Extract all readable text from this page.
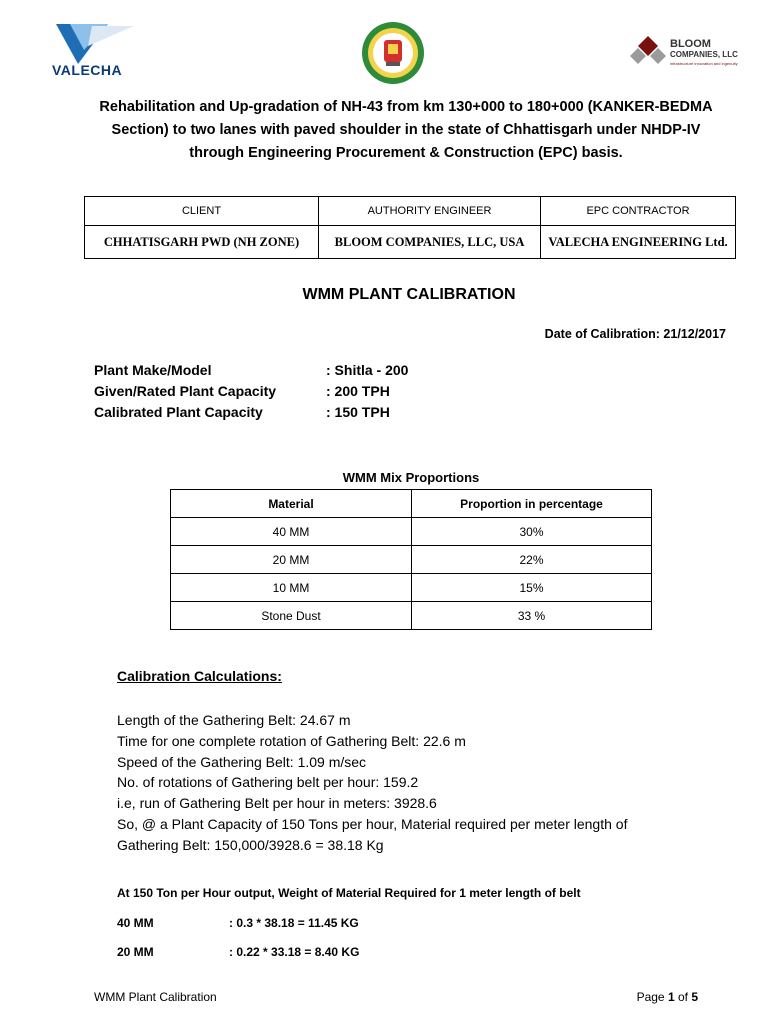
VALECHA
BLOOM
COMPANIES, LLC
infrastructure innovation and ingenuity
Rehabilitation and Up-gradation of NH-43 from km 130+000 to 180+000 (KANKER-BEDMA Section) to two lanes with paved shoulder in the state of Chhattisgarh under NHDP-IV through Engineering Procurement & Construction (EPC) basis.
CLIENT	AUTHORITY ENGINEER	EPC CONTRACTOR
CHHATISGARH PWD (NH ZONE)	BLOOM COMPANIES, LLC, USA	VALECHA ENGINEERING Ltd.
WMM PLANT CALIBRATION
Date of Calibration: 21/12/2017
Plant Make/Model	: Shitla - 200
Given/Rated Plant Capacity	: 200 TPH
Calibrated Plant Capacity	: 150 TPH
WMM Mix Proportions
Material	Proportion in percentage
40 MM	30%
20 MM	22%
10 MM	15%
Stone Dust	33 %
Calibration Calculations:
Length of the Gathering Belt: 24.67 m
Time for one complete rotation of Gathering Belt: 22.6 m
Speed of the Gathering Belt: 1.09 m/sec
No. of rotations of Gathering belt per hour: 159.2
i.e, run of Gathering Belt per hour in meters: 3928.6
So, @ a Plant Capacity of 150 Tons per hour, Material required per meter length of
Gathering Belt: 150,000/3928.6 = 38.18 Kg
At 150 Ton per Hour output, Weight of Material Required for 1 meter length of belt
40 MM	: 0.3 * 38.18 = 11.45 KG
20 MM	: 0.22 * 33.18 = 8.40 KG
WMM Plant Calibration	Page 1 of 5
